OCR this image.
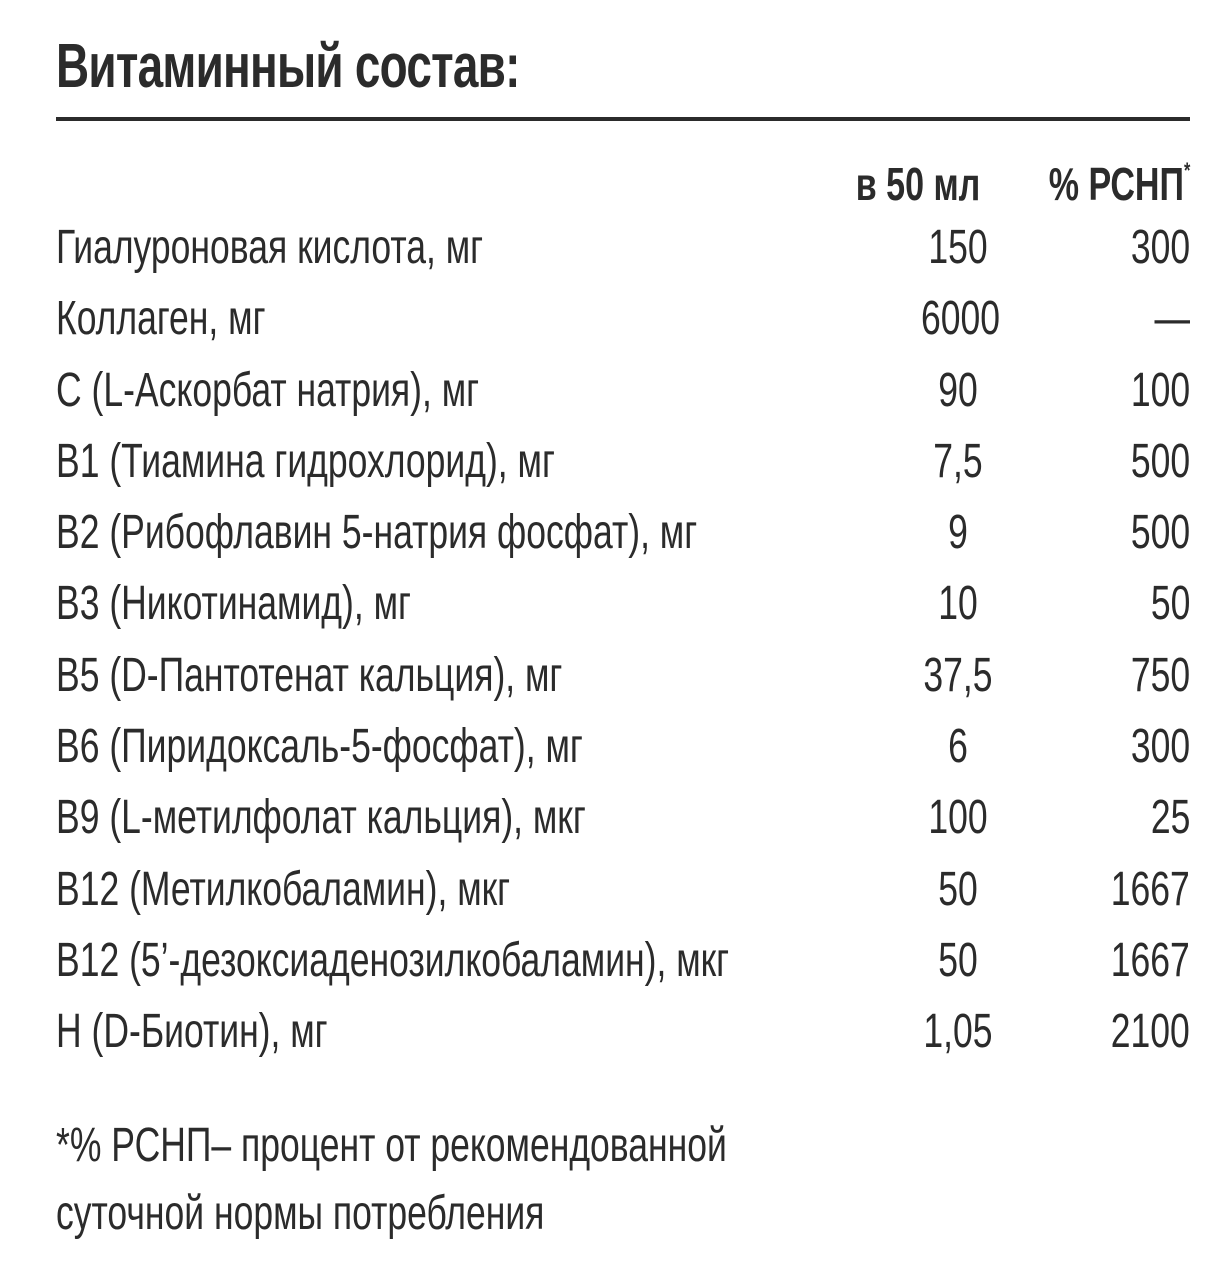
Витаминный состав:
в 50 мл % РСНП*
Гиалуроновая кислота, мг	150	300
Коллаген, мг	6000	—
С (L-Аскорбат натрия), мг	90	100
В1 (Тиамина гидрохлорид), мг	7,5	500
В2 (Рибофлавин 5-натрия фосфат), мг	9	500
В3 (Никотинамид), мг	10	50
В5 (D-Пантотенат кальция), мг	37,5	750
В6 (Пиридоксаль-5-фосфат), мг	6	300
В9 (L-метилфолат кальция), мкг	100	25
В12 (Метилкобаламин), мкг	50	1667
В12 (5’-дезоксиаденозилкобаламин), мкг	50	1667
Н (D-Биотин), мг	1,05 2100
*% РСНП– процент от рекомендованной
суточной нормы потребления
